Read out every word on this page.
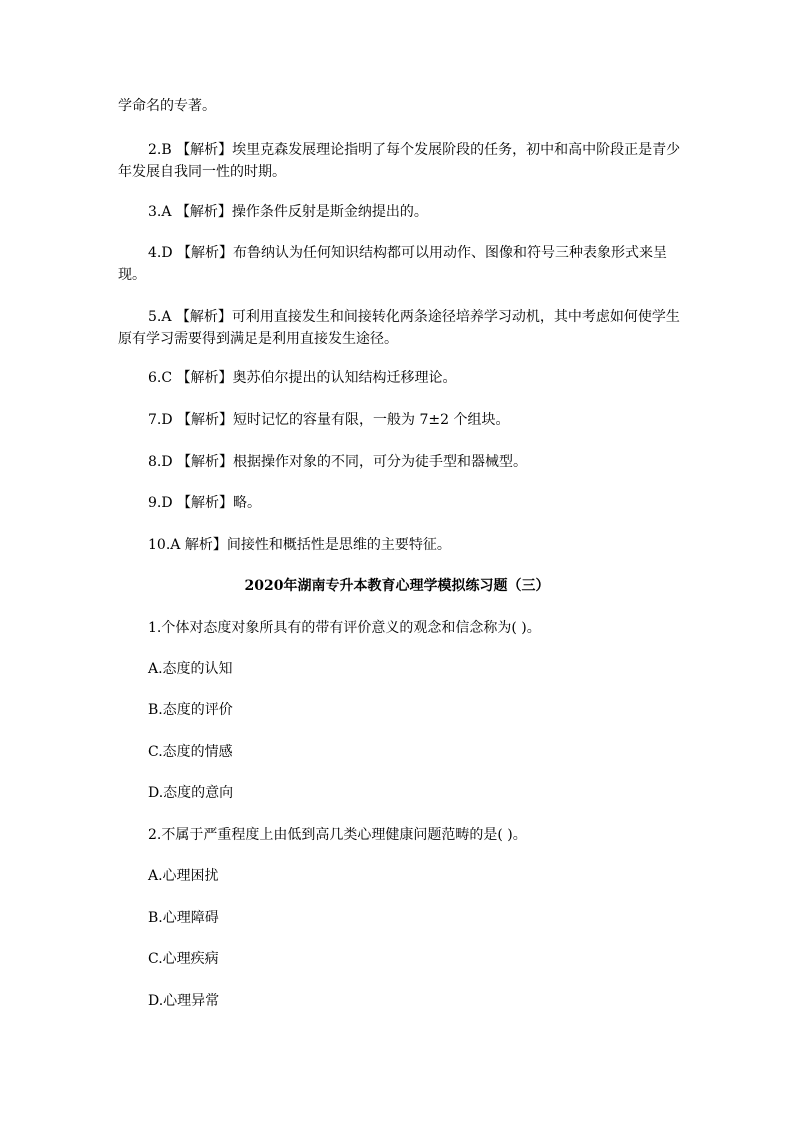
学命名的专著。

2.B 【解析】埃里克森发展理论指明了每个发展阶段的任务，初中和高中阶段正是青少年发展自我同一性的时期。

3.A 【解析】操作条件反射是斯金纳提出的。

4.D 【解析】布鲁纳认为任何知识结构都可以用动作、图像和符号三种表象形式来呈现。

5.A 【解析】可利用直接发生和间接转化两条途径培养学习动机，其中考虑如何使学生原有学习需要得到满足是利用直接发生途径。

6.C 【解析】奥苏伯尔提出的认知结构迁移理论。

7.D 【解析】短时记忆的容量有限，一般为 7±2 个组块。

8.D 【解析】根据操作对象的不同，可分为徒手型和器械型。

9.D 【解析】略。

10.A 解析】间接性和概括性是思维的主要特征。

2020年湖南专升本教育心理学模拟练习题（三）

1.个体对态度对象所具有的带有评价意义的观念和信念称为( )。

A.态度的认知

B.态度的评价

C.态度的情感

D.态度的意向

2.不属于严重程度上由低到高几类心理健康问题范畴的是( )。

A.心理困扰

B.心理障碍

C.心理疾病

D.心理异常
